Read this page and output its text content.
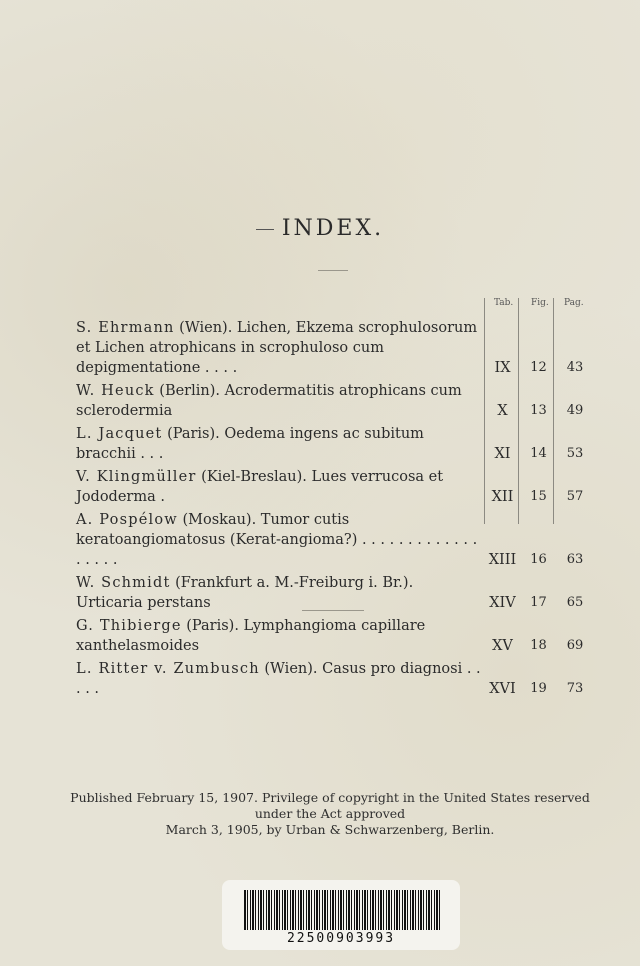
INDEX.
Tab. Fig. Pag.
S. Ehrmann (Wien). Lichen, Ekzema scrophulosorum et Lichen atrophicans in scrophuloso cum depigmentatione . . . .	IX	12	43
W. Heuck (Berlin). Acrodermatitis atrophicans cum sclerodermia	X	13	49
L. Jacquet (Paris). Oedema ingens ac subitum bracchii . . .	XI	14	53
V. Klingmüller (Kiel-Breslau). Lues verrucosa et Jododerma .	XII	15	57
A. Pospélow (Moskau). Tumor cutis keratoangiomatosus (Kerat-angioma?) . . . . . . . . . . . . . . . . . .	XIII	16	63
W. Schmidt (Frankfurt a. M.-Freiburg i. Br.). Urticaria perstans	XIV	17	65
G. Thibierge (Paris). Lymphangioma capillare xanthelasmoides	XV	18	69
L. Ritter v. Zumbusch (Wien). Casus pro diagnosi . . . . .	XVI	19	73
Published February 15, 1907. Privilege of copyright in the United States reserved under the Act approved
March 3, 1905, by Urban & Schwarzenberg, Berlin.
22500903993
